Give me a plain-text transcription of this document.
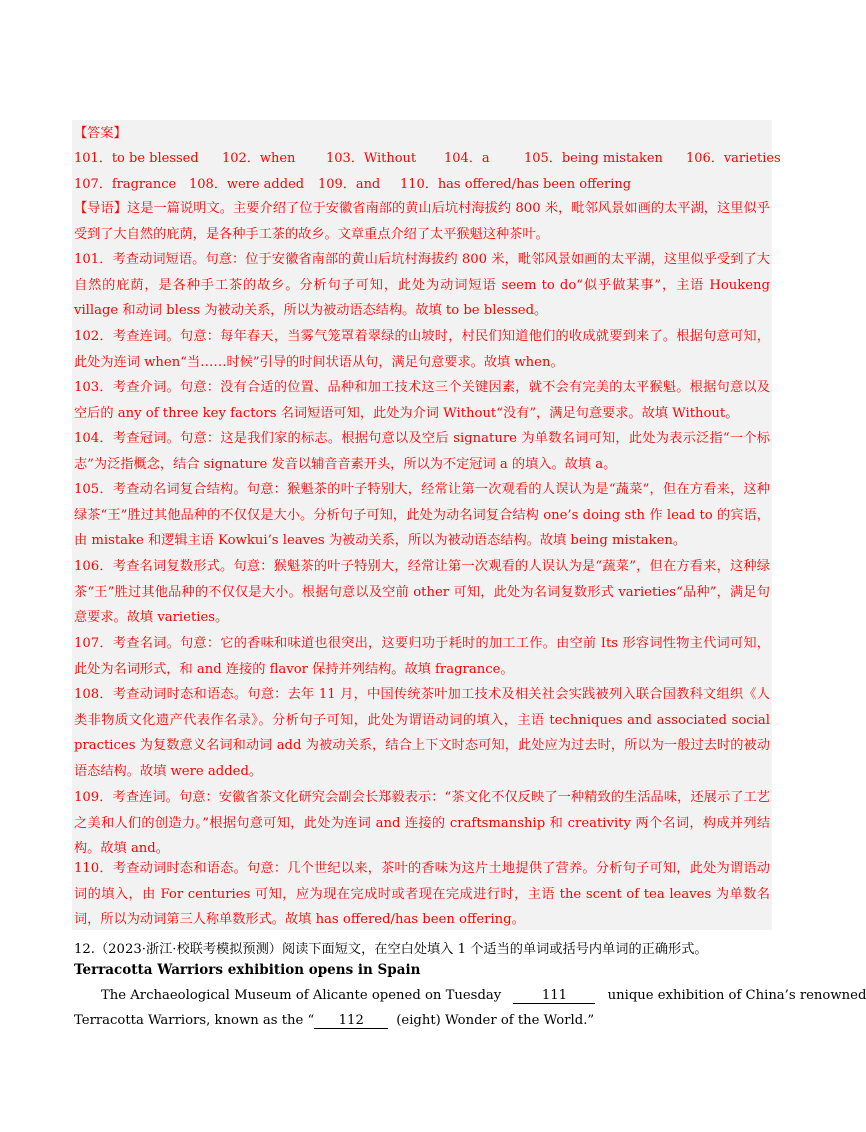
【答案】
101．to be blessed 102．when 103．Without 104．a	105．being mistaken 106．varieties
107．fragrance 108．were added 109．and 110．has offered/has been offering

【导语】这是一篇说明文。主要介绍了位于安徽省南部的黄山后坑村海拔约 800 米，毗邻风景如画的太平湖，这里似乎受到了大自然的庇荫，是各种手工茶的故乡。文章重点介绍了太平猴魁这种茶叶。

101．考查动词短语。句意：位于安徽省南部的黄山后坑村海拔约 800 米，毗邻风景如画的太平湖，这里似乎受到了大自然的庇荫，是各种手工茶的故乡。分析句子可知，此处为动词短语 seem to do“似乎做某事”，主语 Houkeng village 和动词 bless 为被动关系，所以为被动语态结构。故填 to be blessed。

102．考查连词。句意：每年春天，当雾气笼罩着翠绿的山坡时，村民们知道他们的收成就要到来了。根据句意可知，此处为连词 when“当……时候”引导的时间状语从句，满足句意要求。故填 when。

103．考查介词。句意：没有合适的位置、品种和加工技术这三个关键因素，就不会有完美的太平猴魁。根据句意以及空后的 any of three key factors 名词短语可知，此处为介词 Without“没有”，满足句意要求。故填 Without。

104．考查冠词。句意：这是我们家的标志。根据句意以及空后 signature 为单数名词可知，此处为表示泛指“一个标志”为泛指概念，结合 signature 发音以辅音音素开头，所以为不定冠词 a 的填入。故填 a。

105．考查动名词复合结构。句意：猴魁茶的叶子特别大，经常让第一次观看的人误认为是“蔬菜”，但在方看来，这种绿茶“王”胜过其他品种的不仅仅是大小。分析句子可知，此处为动名词复合结构 one’s doing sth 作 lead to 的宾语，由 mistake 和逻辑主语 Kowkui’s leaves 为被动关系，所以为被动语态结构。故填 being mistaken。

106．考查名词复数形式。句意：猴魁茶的叶子特别大，经常让第一次观看的人误认为是“蔬菜”，但在方看来，这种绿茶“王”胜过其他品种的不仅仅是大小。根据句意以及空前 other 可知，此处为名词复数形式 varieties“品种”，满足句意要求。故填 varieties。

107．考查名词。句意：它的香味和味道也很突出，这要归功于耗时的加工工作。由空前 Its 形容词性物主代词可知，此处为名词形式，和 and 连接的 flavor 保持并列结构。故填 fragrance。

108．考查动词时态和语态。句意：去年 11 月，中国传统茶叶加工技术及相关社会实践被列入联合国教科文组织《人类非物质文化遗产代表作名录》。分析句子可知，此处为谓语动词的填入，主语 techniques and associated social practices 为复数意义名词和动词 add 为被动关系，结合上下文时态可知，此处应为过去时，所以为一般过去时的被动语态结构。故填 were added。

109．考查连词。句意：安徽省茶文化研究会副会长郑毅表示：“茶文化不仅反映了一种精致的生活品味，还展示了工艺之美和人们的创造力。”根据句意可知，此处为连词 and 连接的 craftsmanship 和 creativity 两个名词，构成并列结构。故填 and。

110．考查动词时态和语态。句意：几个世纪以来，茶叶的香味为这片土地提供了营养。分析句子可知，此处为谓语动词的填入，由 For centuries 可知，应为现在完成时或者现在完成进行时，主语 the scent of tea leaves 为单数名词，所以为动词第三人称单数形式。故填 has offered/has been offering。

12.（2023·浙江·校联考模拟预测）阅读下面短文，在空白处填入 1 个适当的单词或括号内单词的正确形式。
Terracotta Warriors exhibition opens in Spain
The Archaeological Museum of Alicante opened on Tuesday	111	unique exhibition of China’s renowned
Terracotta Warriors, known as the “ 112 (eight) Wonder of the World.”
